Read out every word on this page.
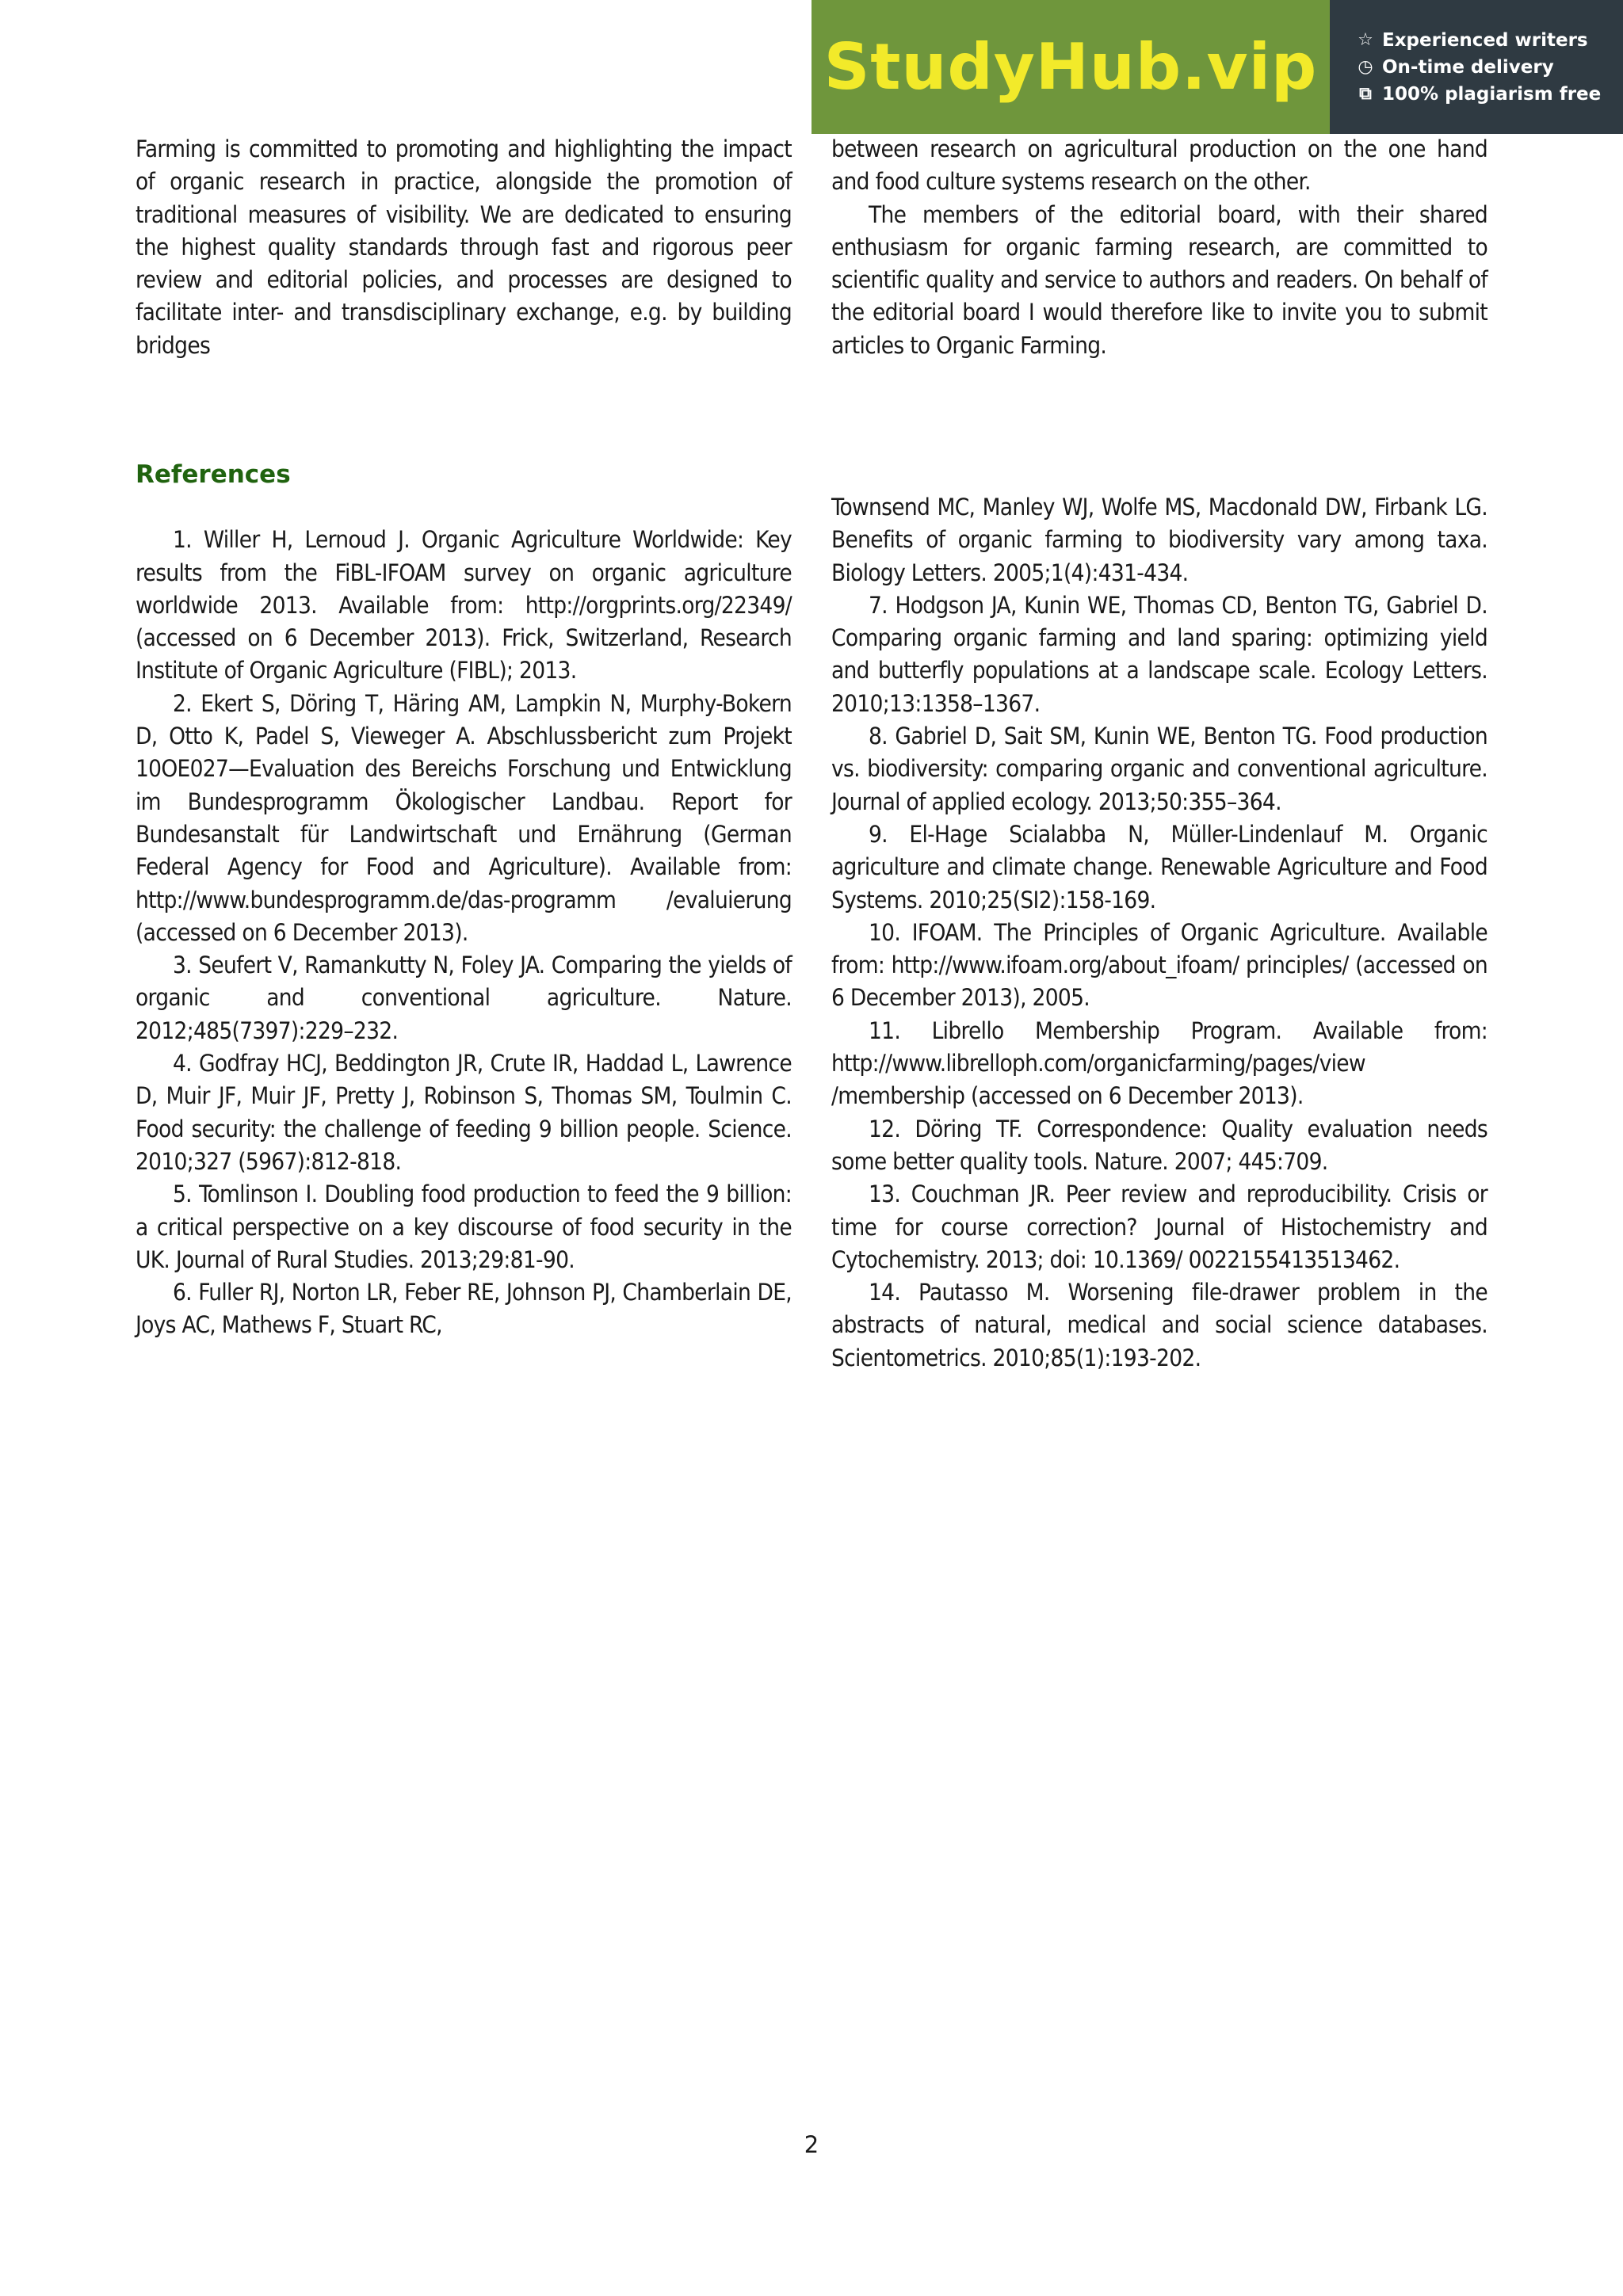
StudyHub.vip	☆ Experienced writers
◷ On-time delivery
⧉ 100% plagiarism free

Farming is committed to promoting and highlighting the impact of organic research in practice, alongside the promotion of traditional measures of visibility. We are dedicated to ensuring the highest quality standards through fast and rigorous peer review and editorial policies, and processes are designed to facilitate inter- and transdisciplinary exchange, e.g. by building bridges

between research on agricultural production on the one hand and food culture systems research on the other.

The members of the editorial board, with their shared enthusiasm for organic farming research, are committed to scientific quality and service to authors and readers. On behalf of the editorial board I would therefore like to invite you to submit articles to Organic Farming.

References

1. Willer H, Lernoud J. Organic Agriculture Worldwide: Key results from the FiBL-IFOAM survey on organic agriculture worldwide 2013. Available from: http://orgprints.org/22349/ (accessed on 6 December 2013). Frick, Switzerland, Research Institute of Organic Agriculture (FIBL); 2013.

2. Ekert S, Döring T, Häring AM, Lampkin N, Murphy-Bokern D, Otto K, Padel S, Vieweger A. Abschlussbericht zum Projekt 10OE027—Evaluation des Bereichs Forschung und Entwicklung im Bundesprogramm Ökologischer Landbau. Report for Bundesanstalt für Landwirtschaft und Ernährung (German Federal Agency for Food and Agriculture). Available from: http://www.bundesprogramm.de/das-programm /evaluierung (accessed on 6 December 2013).

3. Seufert V, Ramankutty N, Foley JA. Comparing the yields of organic and conventional agriculture. Nature. 2012;485(7397):229–232.

4. Godfray HCJ, Beddington JR, Crute IR, Haddad L, Lawrence D, Muir JF, Muir JF, Pretty J, Robinson S, Thomas SM, Toulmin C. Food security: the challenge of feeding 9 billion people. Science. 2010;327 (5967):812-818.

5. Tomlinson I. Doubling food production to feed the 9 billion: a critical perspective on a key discourse of food security in the UK. Journal of Rural Studies. 2013;29:81-90.

6. Fuller RJ, Norton LR, Feber RE, Johnson PJ, Chamberlain DE, Joys AC, Mathews F, Stuart RC,

Townsend MC, Manley WJ, Wolfe MS, Macdonald DW, Firbank LG. Benefits of organic farming to biodiversity vary among taxa. Biology Letters. 2005;1(4):431-434.

7. Hodgson JA, Kunin WE, Thomas CD, Benton TG, Gabriel D. Comparing organic farming and land sparing: optimizing yield and butterfly populations at a landscape scale. Ecology Letters. 2010;13:1358–1367.

8. Gabriel D, Sait SM, Kunin WE, Benton TG. Food production vs. biodiversity: comparing organic and conventional agriculture. Journal of applied ecology. 2013;50:355–364.

9. El-Hage Scialabba N, Müller-Lindenlauf M. Organic agriculture and climate change. Renewable Agriculture and Food Systems. 2010;25(SI2):158-169.

10. IFOAM. The Principles of Organic Agriculture. Available from: http://www.ifoam.org/about_ifoam/ principles/ (accessed on 6 December 2013), 2005.

11. Librello Membership Program. Available from: http://www.librelloph.com/organicfarming/pages/view /membership (accessed on 6 December 2013).

12. Döring TF. Correspondence: Quality evaluation needs some better quality tools. Nature. 2007; 445:709.

13. Couchman JR. Peer review and reproducibility. Crisis or time for course correction? Journal of Histochemistry and Cytochemistry. 2013; doi: 10.1369/ 0022155413513462.

14. Pautasso M. Worsening file-drawer problem in the abstracts of natural, medical and social science databases. Scientometrics. 2010;85(1):193-202.

2
